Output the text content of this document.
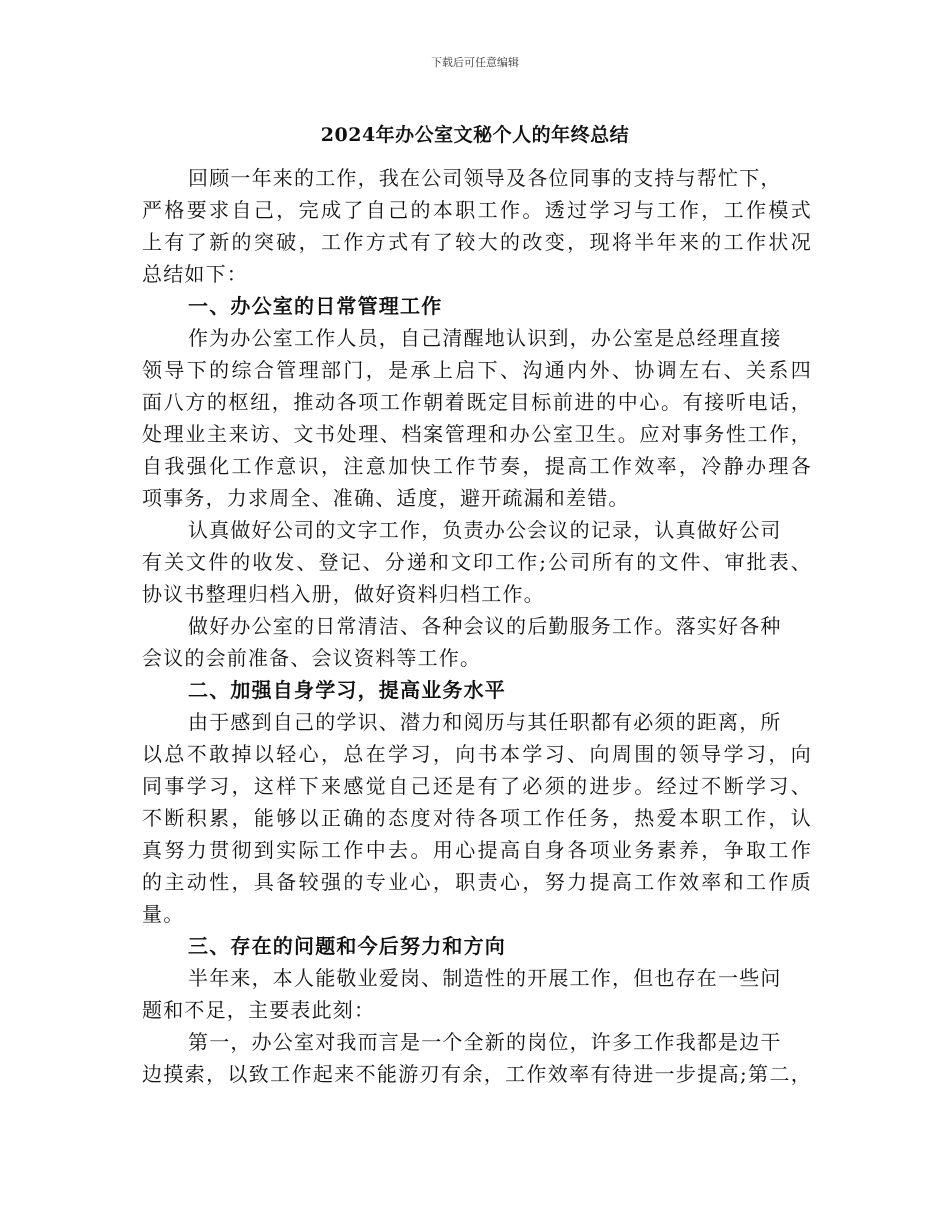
下载后可任意编辑
2024年办公室文秘个人的年终总结
回顾一年来的工作，我在公司领导及各位同事的支持与帮忙下，
严格要求自己，完成了自己的本职工作。透过学习与工作，工作模式
上有了新的突破，工作方式有了较大的改变，现将半年来的工作状况
总结如下：
一、办公室的日常管理工作
作为办公室工作人员，自己清醒地认识到，办公室是总经理直接
领导下的综合管理部门，是承上启下、沟通内外、协调左右、关系四
面八方的枢纽，推动各项工作朝着既定目标前进的中心。有接听电话，
处理业主来访、文书处理、档案管理和办公室卫生。应对事务性工作，
自我强化工作意识，注意加快工作节奏，提高工作效率，冷静办理各
项事务，力求周全、准确、适度，避开疏漏和差错。
认真做好公司的文字工作，负责办公会议的记录，认真做好公司
有关文件的收发、登记、分递和文印工作;公司所有的文件、审批表、
协议书整理归档入册，做好资料归档工作。
做好办公室的日常清洁、各种会议的后勤服务工作。落实好各种
会议的会前准备、会议资料等工作。
二、加强自身学习，提高业务水平
由于感到自己的学识、潜力和阅历与其任职都有必须的距离，所
以总不敢掉以轻心，总在学习，向书本学习、向周围的领导学习，向
同事学习，这样下来感觉自己还是有了必须的进步。经过不断学习、
不断积累，能够以正确的态度对待各项工作任务，热爱本职工作，认
真努力贯彻到实际工作中去。用心提高自身各项业务素养，争取工作
的主动性，具备较强的专业心，职责心，努力提高工作效率和工作质
量。
三、存在的问题和今后努力和方向
半年来，本人能敬业爱岗、制造性的开展工作，但也存在一些问
题和不足，主要表此刻：
第一，办公室对我而言是一个全新的岗位，许多工作我都是边干
边摸索，以致工作起来不能游刃有余，工作效率有待进一步提高;第二，
